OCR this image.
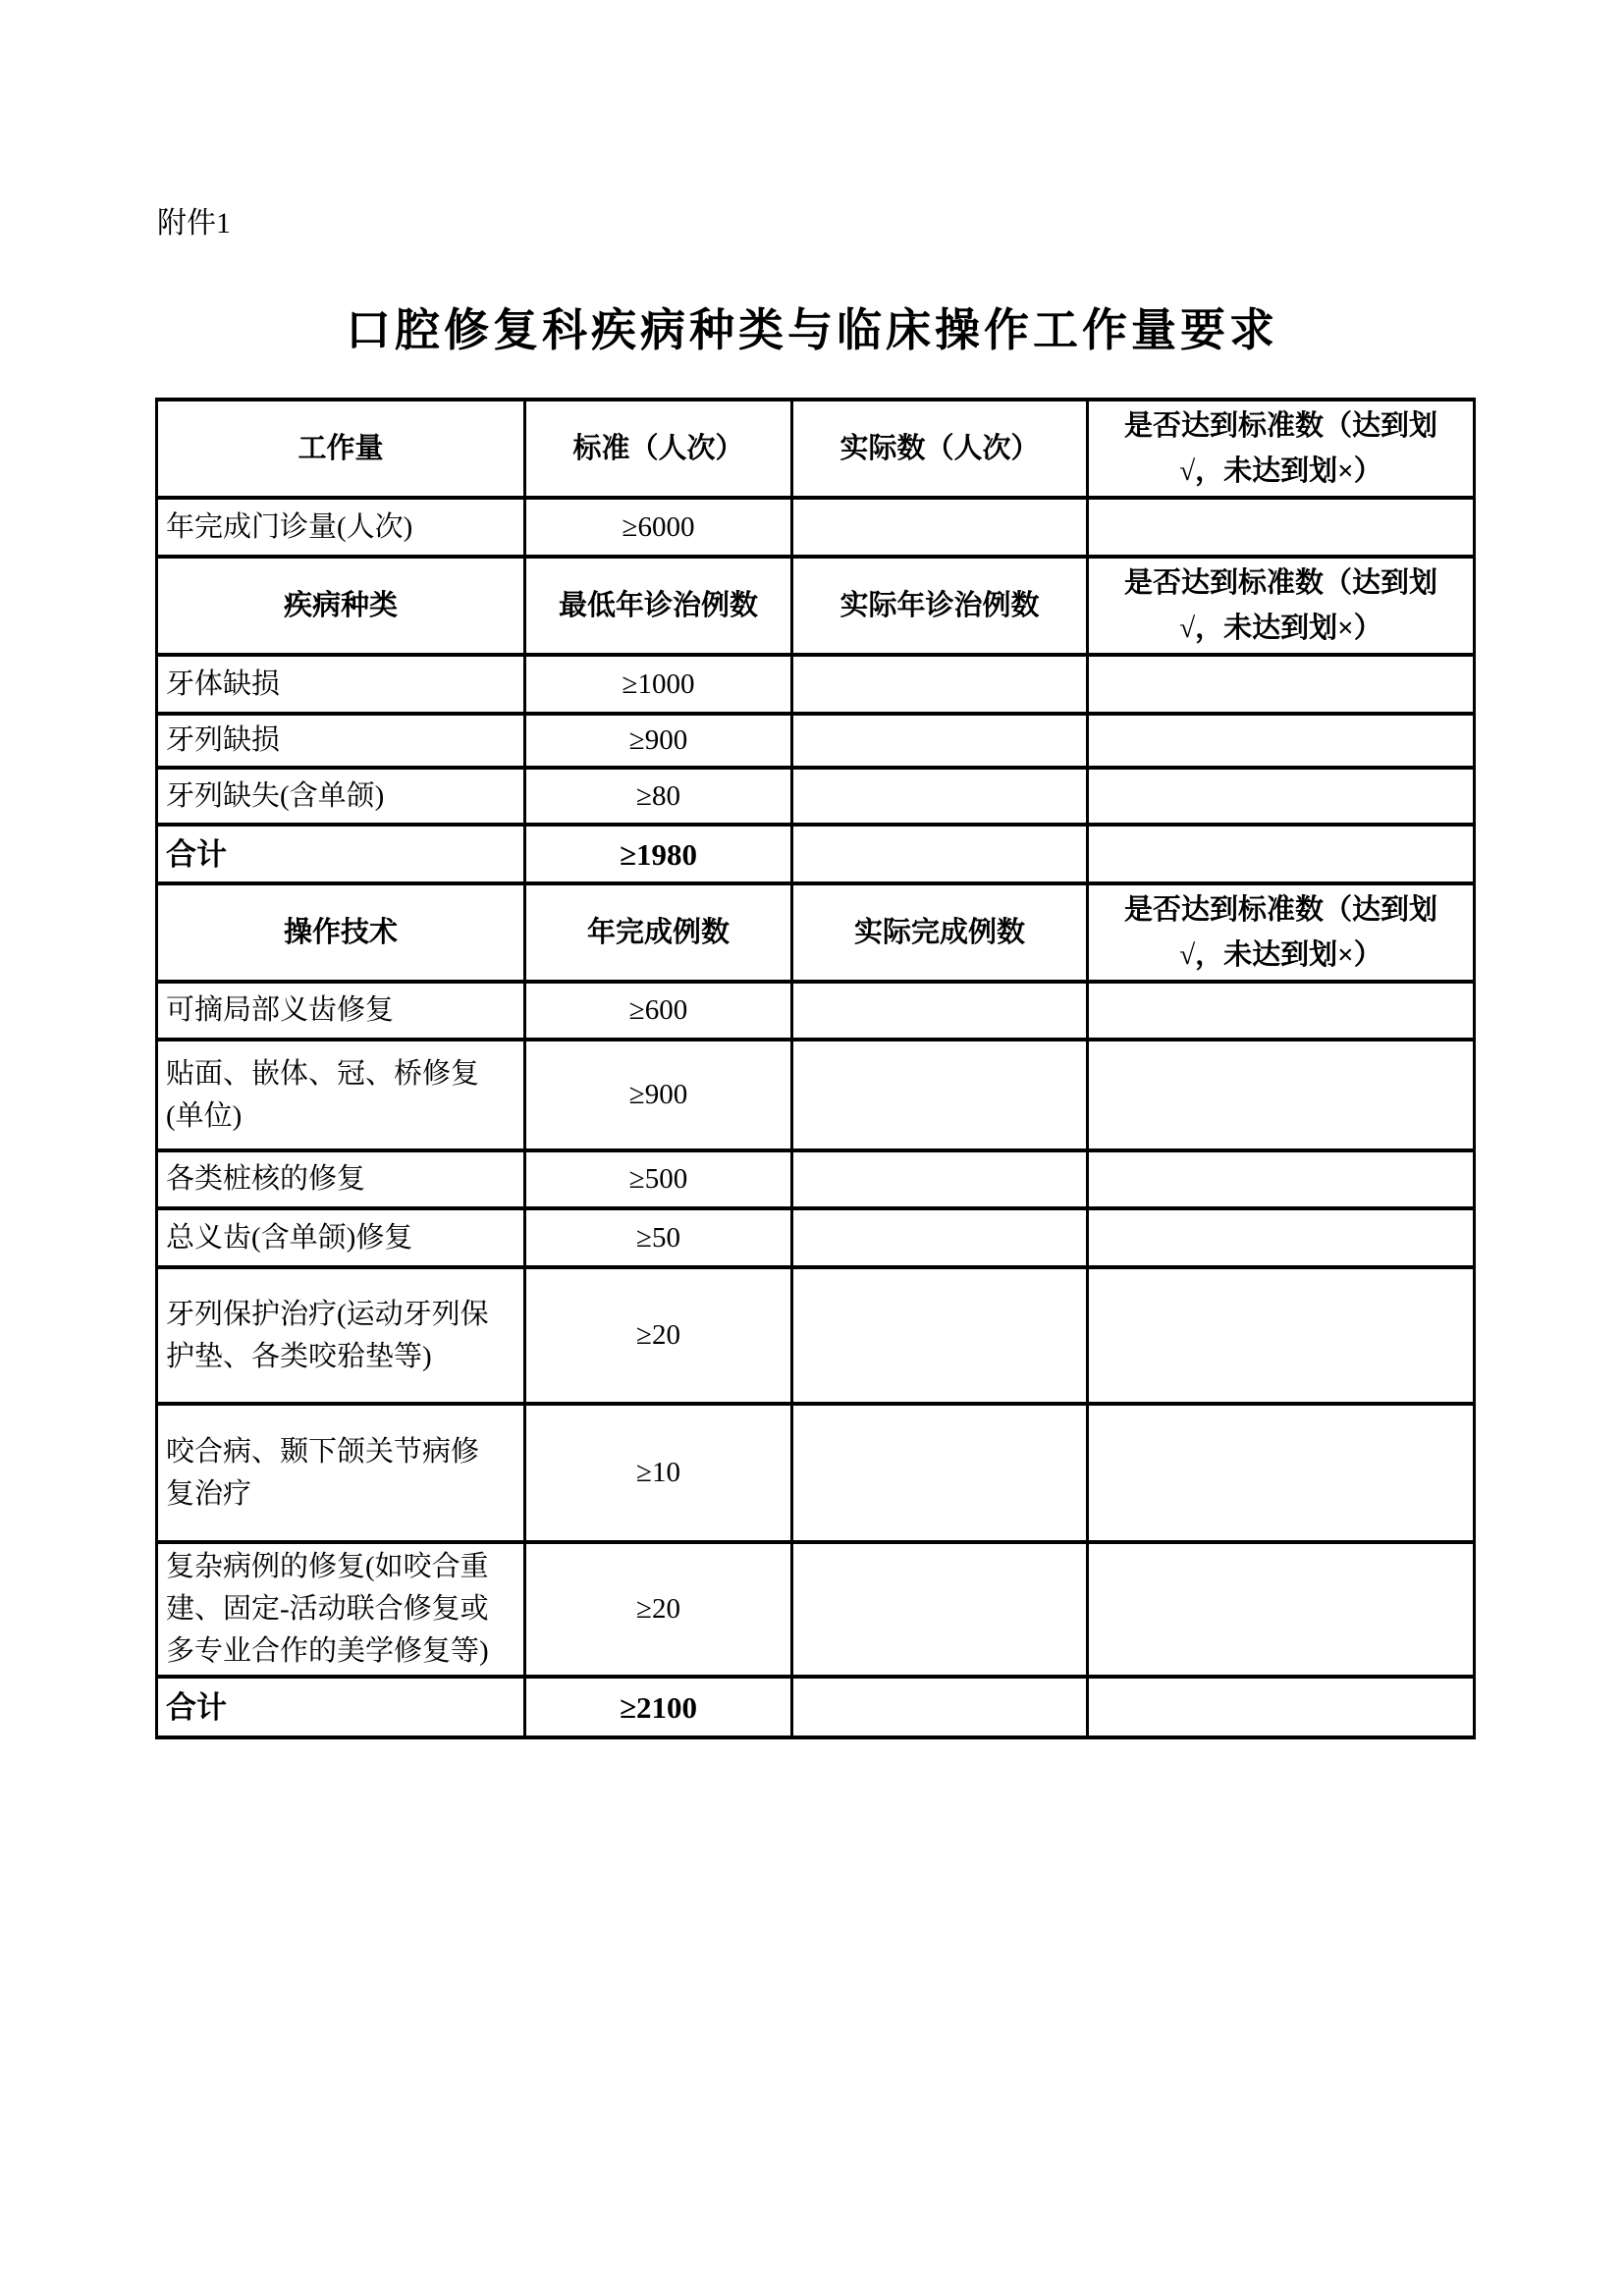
附件1
口腔修复科疾病种类与临床操作工作量要求
工作量	标准（人次）	实际数（人次）	是否达到标准数（达到划√，未达到划×）
年完成门诊量(人次)	≥6000		
疾病种类	最低年诊治例数	实际年诊治例数	是否达到标准数（达到划√，未达到划×）
牙体缺损	≥1000		
牙列缺损	≥900		
牙列缺失(含单颌)	≥80		
合计	≥1980		
操作技术	年完成例数	实际完成例数	是否达到标准数（达到划√，未达到划×）
可摘局部义齿修复	≥600		
贴面、嵌体、冠、桥修复(单位)	≥900		
各类桩核的修复	≥500		
总义齿(含单颌)修复	≥50		
牙列保护治疗(运动牙列保护垫、各类咬𬌗垫等)	≥20		
咬合病、颞下颌关节病修复治疗	≥10		
复杂病例的修复(如咬合重建、固定-活动联合修复或多专业合作的美学修复等)	≥20		
合计	≥2100		
